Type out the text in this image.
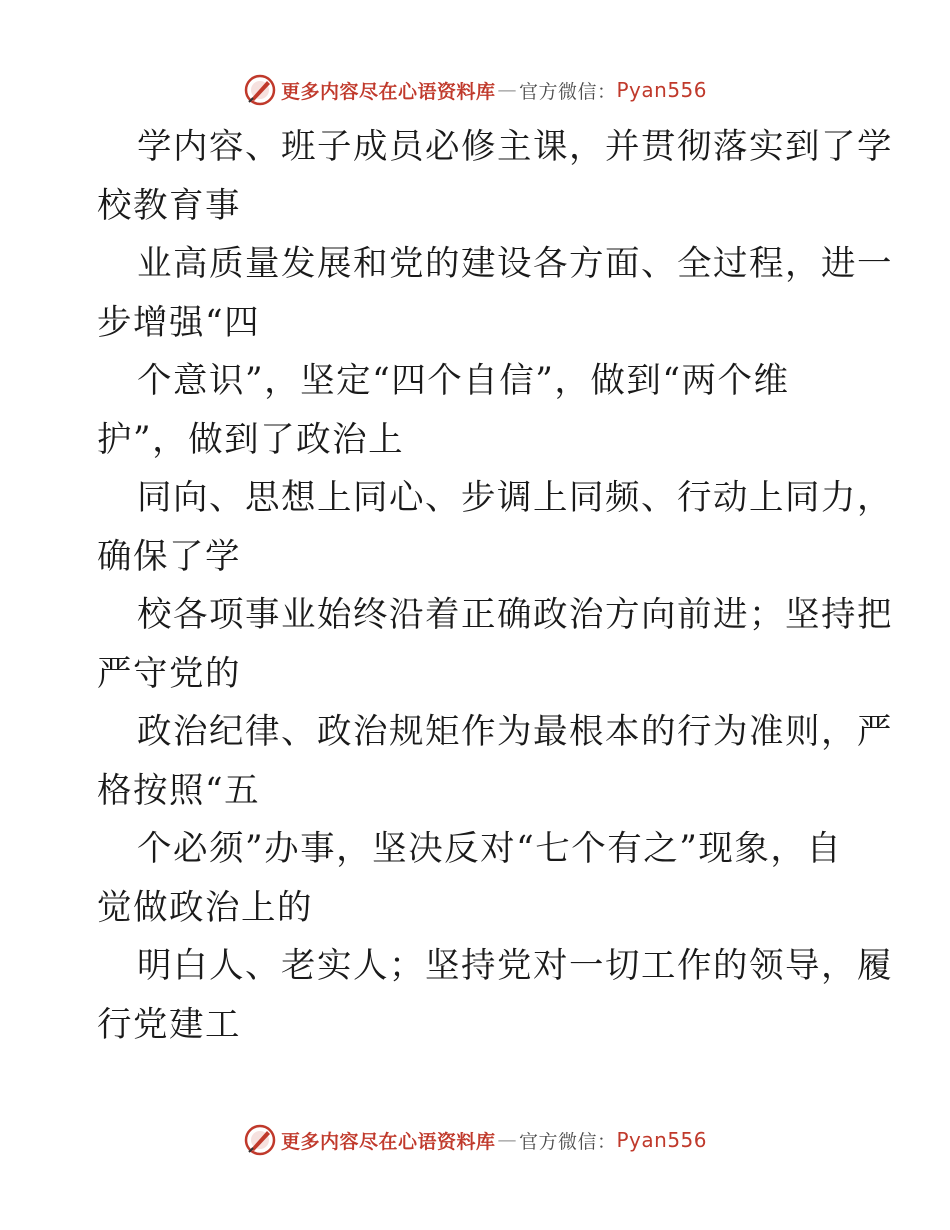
更多内容尽在心语资料库 — 官方微信： Pyan556
学内容、班子成员必修主课，并贯彻落实到了学
校教育事
业高质量发展和党的建设各方面、全过程，进一
步增强“四
个意识”，坚定“四个自信”，做到“两个维
护”，做到了政治上
同向、思想上同心、步调上同频、行动上同力，
确保了学
校各项事业始终沿着正确政治方向前进；坚持把
严守党的
政治纪律、政治规矩作为最根本的行为准则，严
格按照“五
个必须”办事，坚决反对“七个有之”现象，自
觉做政治上的
明白人、老实人；坚持党对一切工作的领导，履
行党建工
更多内容尽在心语资料库 — 官方微信： Pyan556
